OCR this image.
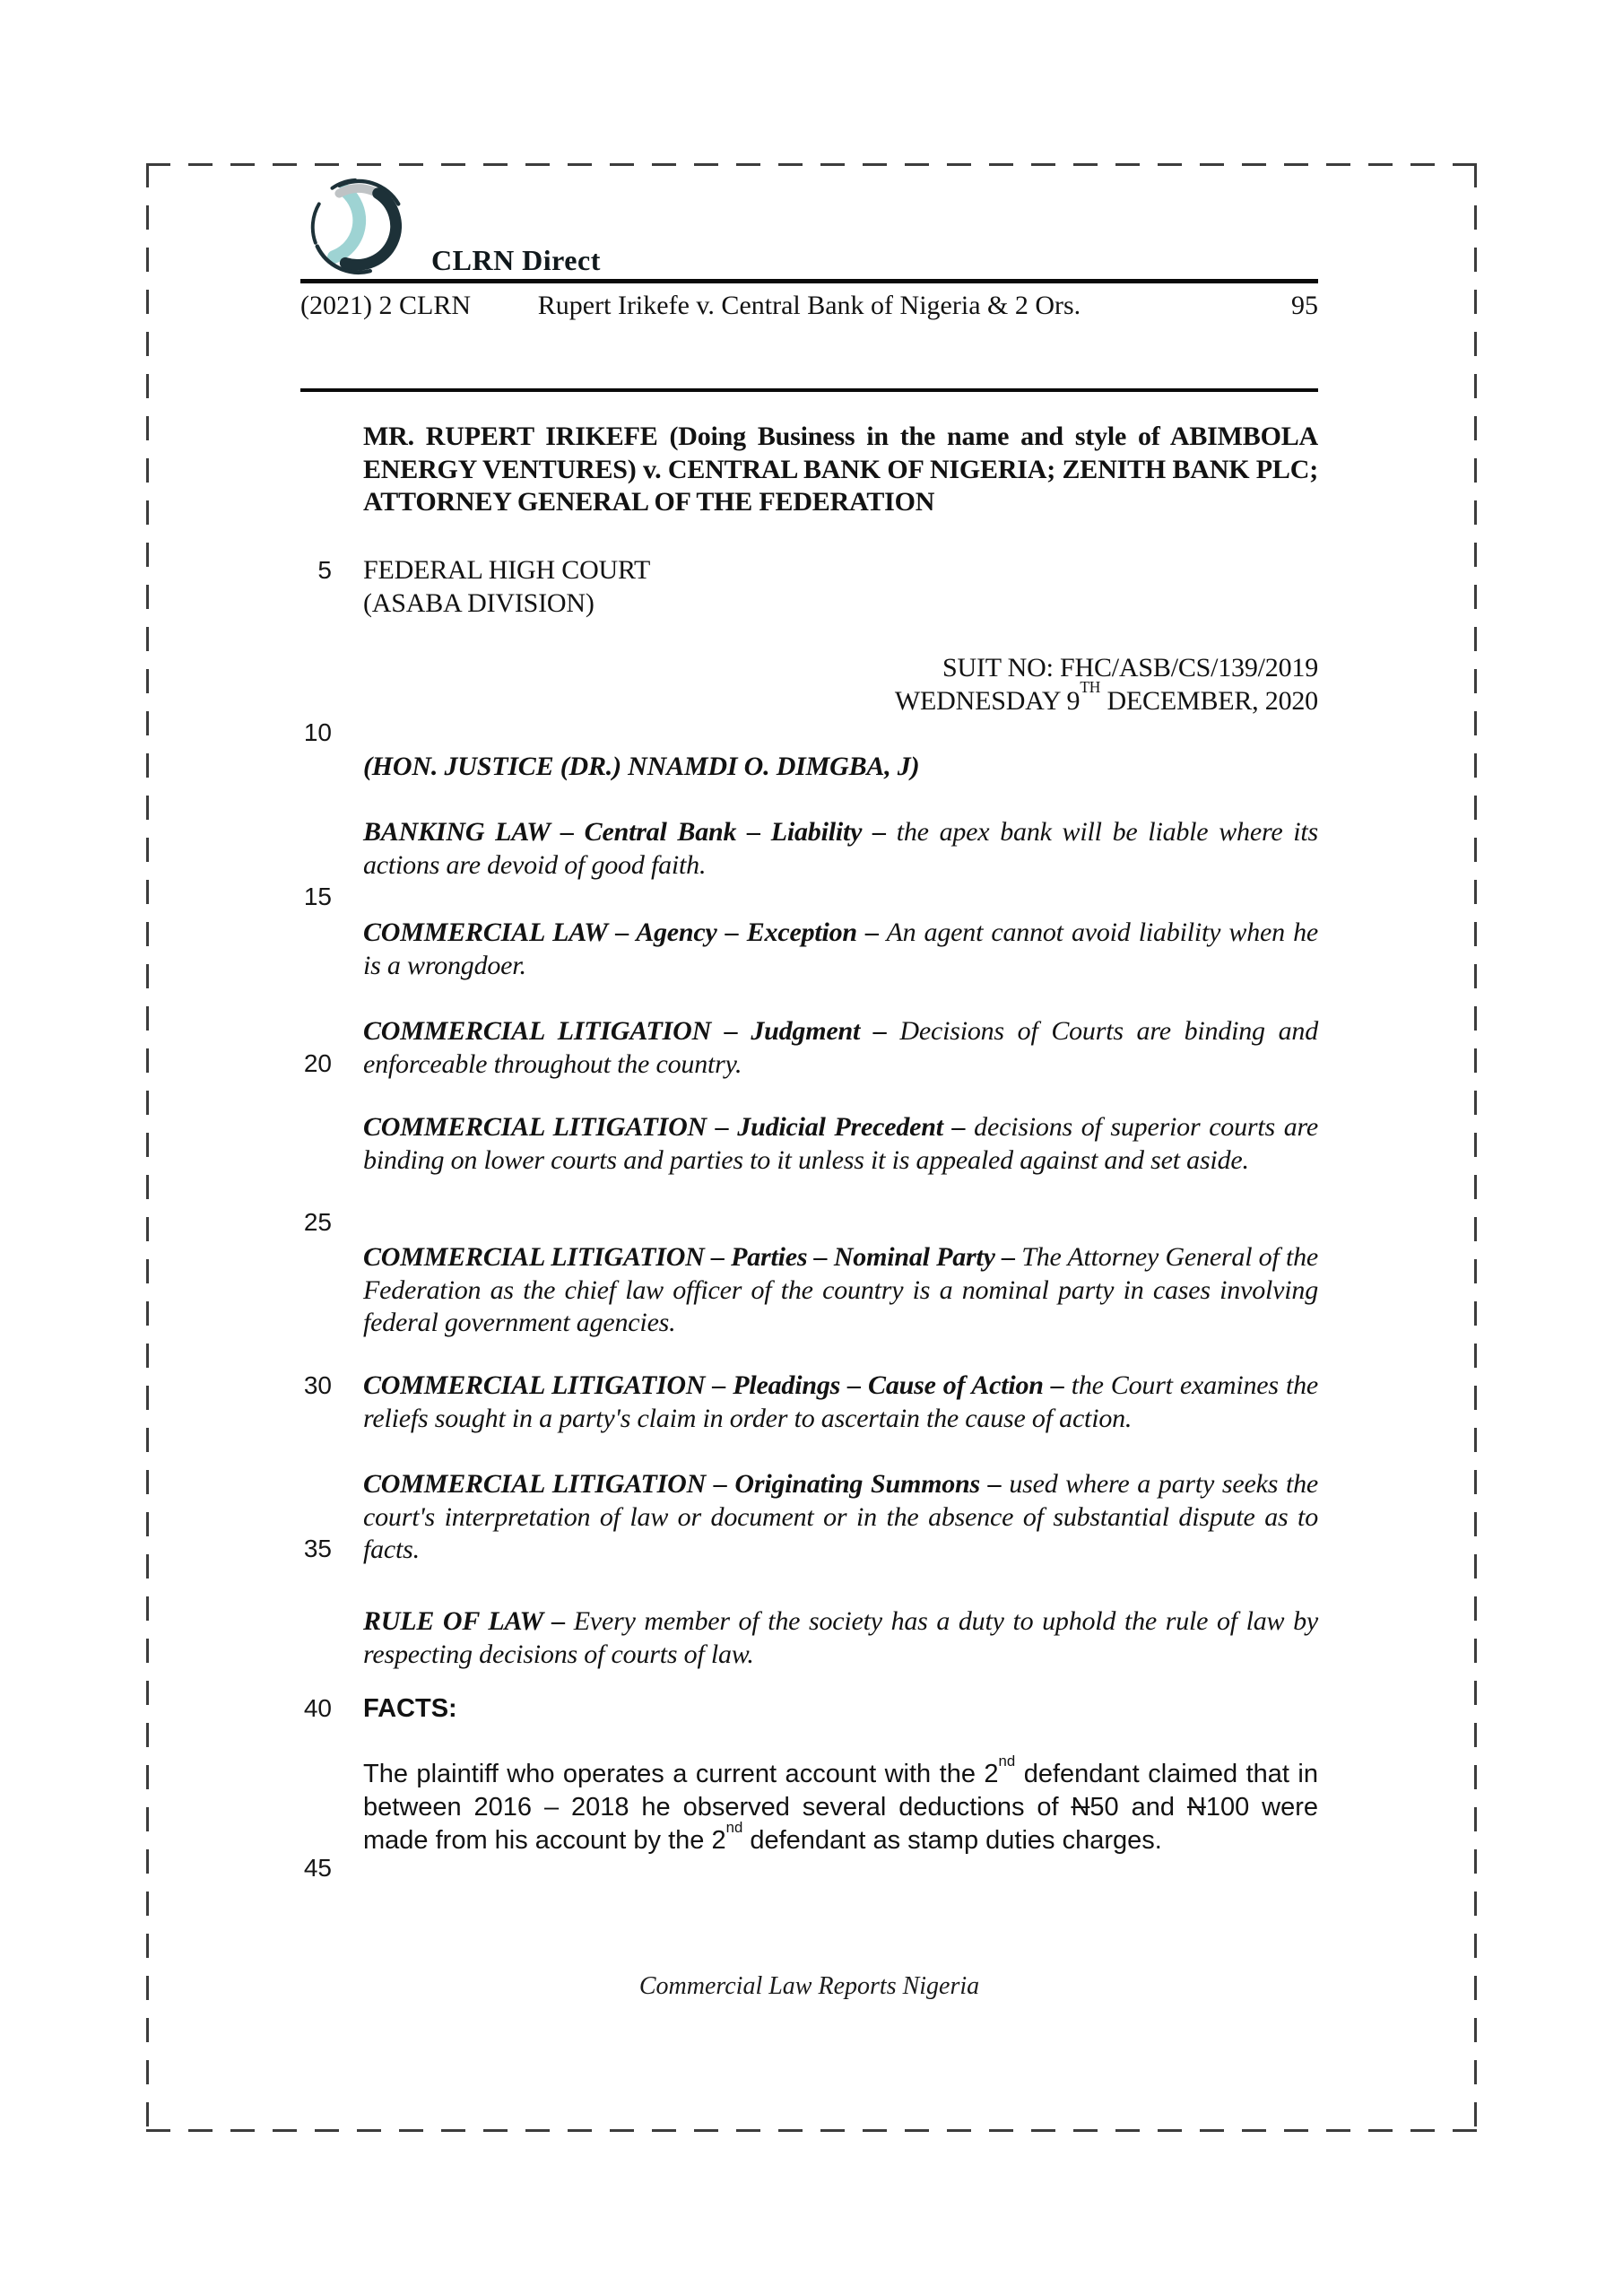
CLRN Direct
(2021) 2 CLRN	Rupert Irikefe v. Central Bank of Nigeria & 2 Ors.	95
MR. RUPERT IRIKEFE (Doing Business in the name and style of ABIMBOLA ENERGY VENTURES) v. CENTRAL BANK OF NIGERIA; ZENITH BANK PLC; ATTORNEY GENERAL OF THE FEDERATION
FEDERAL HIGH COURT
(ASABA DIVISION)
SUIT NO: FHC/ASB/CS/139/2019
WEDNESDAY 9TH DECEMBER, 2020
(HON. JUSTICE (DR.) NNAMDI O. DIMGBA, J)

BANKING LAW – Central Bank – Liability – the apex bank will be liable where its actions are devoid of good faith.

COMMERCIAL LAW – Agency – Exception – An agent cannot avoid liability when he is a wrongdoer.

COMMERCIAL LITIGATION – Judgment – Decisions of Courts are binding and enforceable throughout the country.

COMMERCIAL LITIGATION – Judicial Precedent – decisions of superior courts are binding on lower courts and parties to it unless it is appealed against and set aside.

COMMERCIAL LITIGATION – Parties – Nominal Party – The Attorney General of the Federation as the chief law officer of the country is a nominal party in cases involving federal government agencies.

COMMERCIAL LITIGATION – Pleadings – Cause of Action – the Court examines the reliefs sought in a party's claim in order to ascertain the cause of action.

COMMERCIAL LITIGATION – Originating Summons – used where a party seeks the court's interpretation of law or document or in the absence of substantial dispute as to facts.

RULE OF LAW – Every member of the society has a duty to uphold the rule of law by respecting decisions of courts of law.

FACTS:
The plaintiff who operates a current account with the 2nd defendant claimed that in between 2016 – 2018 he observed several deductions of N50 and N100 were made from his account by the 2nd defendant as stamp duties charges.
5
10
15
20
25
30
35
40
45
Commercial Law Reports Nigeria
